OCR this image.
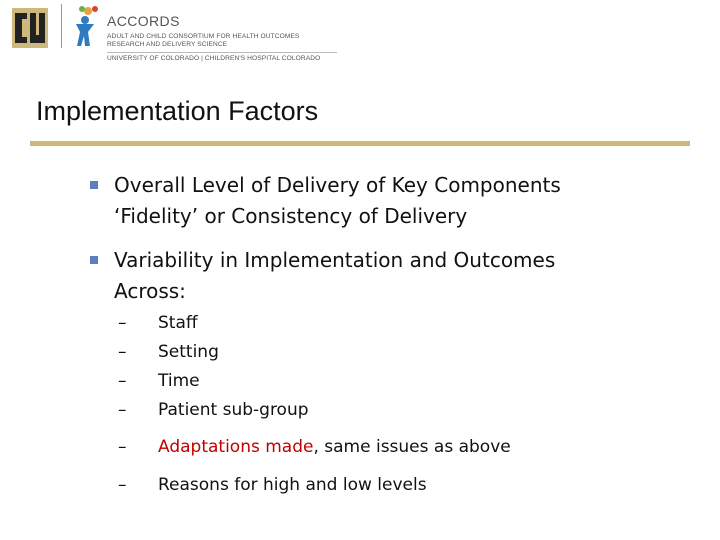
ACCORDS
ADULT AND CHILD CONSORTIUM FOR HEALTH OUTCOMES
RESEARCH AND DELIVERY SCIENCE
UNIVERSITY OF COLORADO | CHILDREN'S HOSPITAL COLORADO
Implementation Factors
Overall Level of Delivery of Key Components
‘Fidelity’ or Consistency of Delivery
Variability in Implementation and Outcomes
Across:
– Staff
– Setting
– Time
– Patient sub-group
– Adaptations made, same issues as above
– Reasons for high and low levels
